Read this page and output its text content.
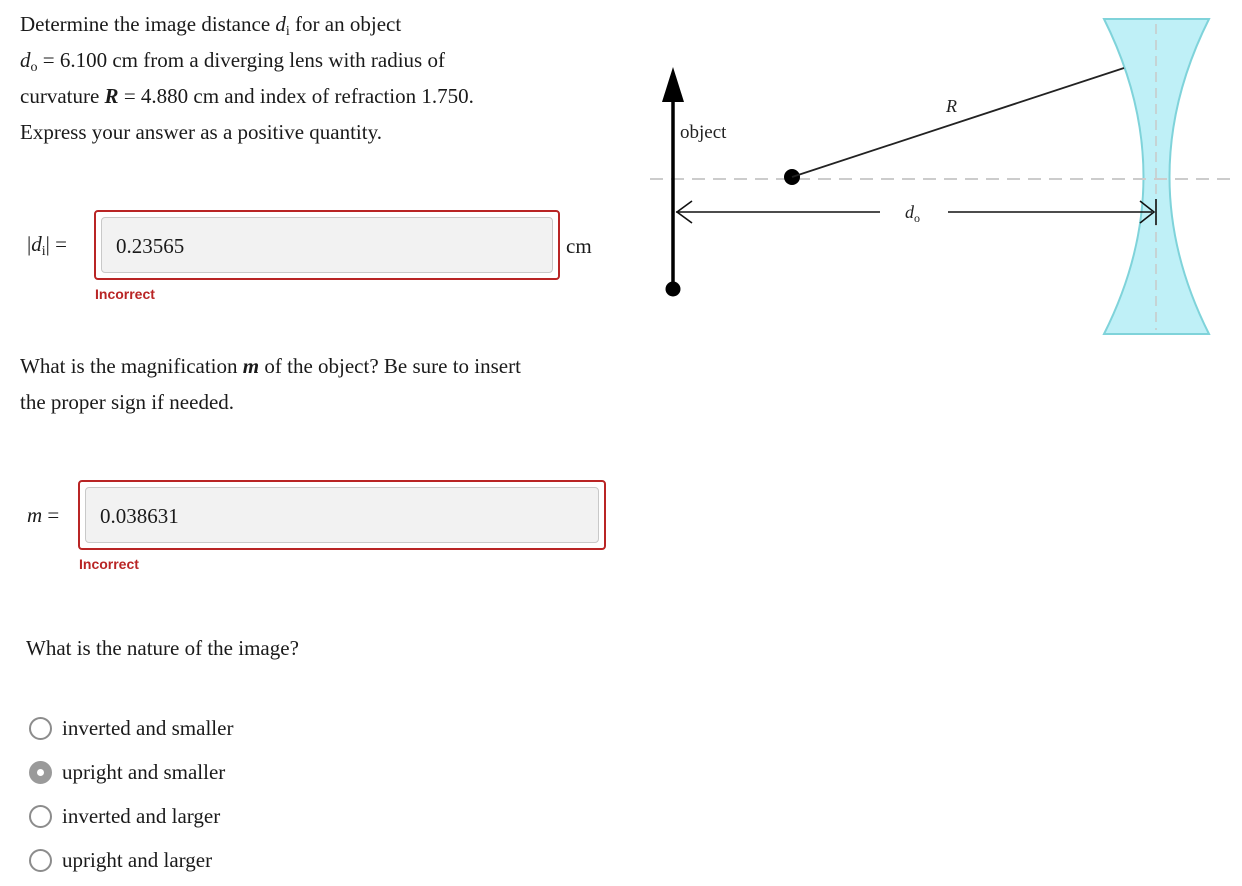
Determine the image distance $d_i$ for an object
$d_o = 6.100$ cm from a diverging lens with radius of
curvature R = 4.880 cm and index of refraction 1.750.
Express your answer as a positive quantity.
$|d_i|$ =	0.23565	cm
Incorrect
What is the magnification m of the object? Be sure to insert
the proper sign if needed.
m =	0.038631
Incorrect
What is the nature of the image?
inverted and smaller
upright and smaller
inverted and larger
upright and larger
object
R
$d_o$
